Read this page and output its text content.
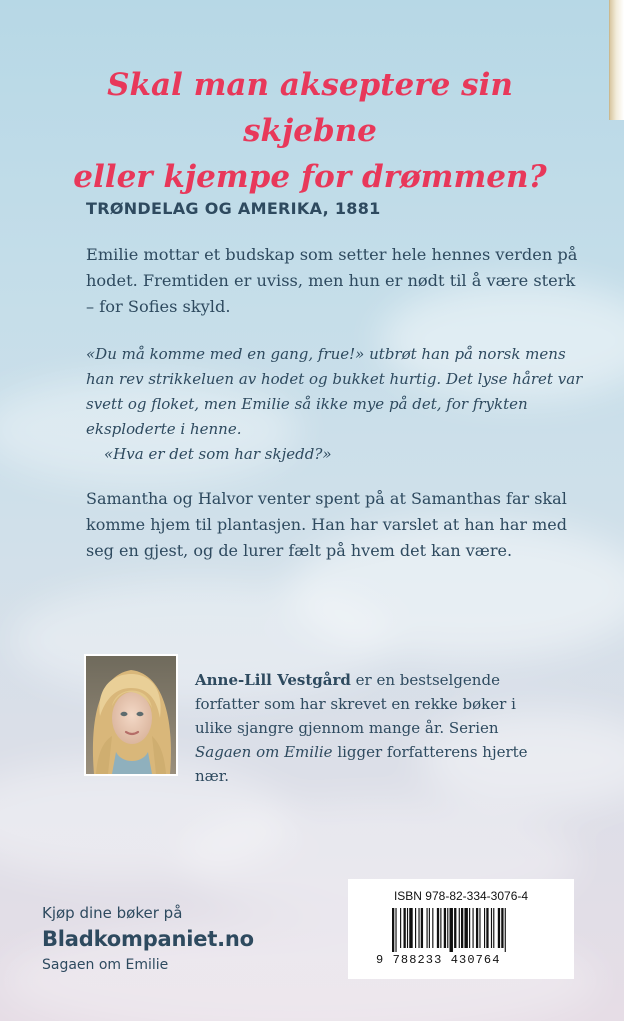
Skal man akseptere sin skjebne
eller kjempe for drømmen?
TRØNDELAG OG AMERIKA, 1881

Emilie mottar et budskap som setter hele hennes verden på hodet. Fremtiden er uviss, men hun er nødt til å være sterk – for Sofies skyld.

«Du må komme med en gang, frue!» utbrøt han på norsk mens han rev strikkeluen av hodet og bukket hurtig. Det lyse håret var svett og floket, men Emilie så ikke mye på det, for frykten eksploderte i henne.
«Hva er det som har skjedd?»

Samantha og Halvor venter spent på at Samanthas far skal komme hjem til plantasjen. Han har varslet at han har med seg en gjest, og de lurer fælt på hvem det kan være.

Anne-Lill Vestgård er en bestselgende forfatter som har skrevet en rekke bøker i ulike sjangre gjennom mange år. Serien Sagaen om Emilie ligger forfatterens hjerte nær.

Kjøp dine bøker på

Bladkompaniet.no

Sagaen om Emilie

ISBN 978-82-334-3076-4

9 788233 430764
